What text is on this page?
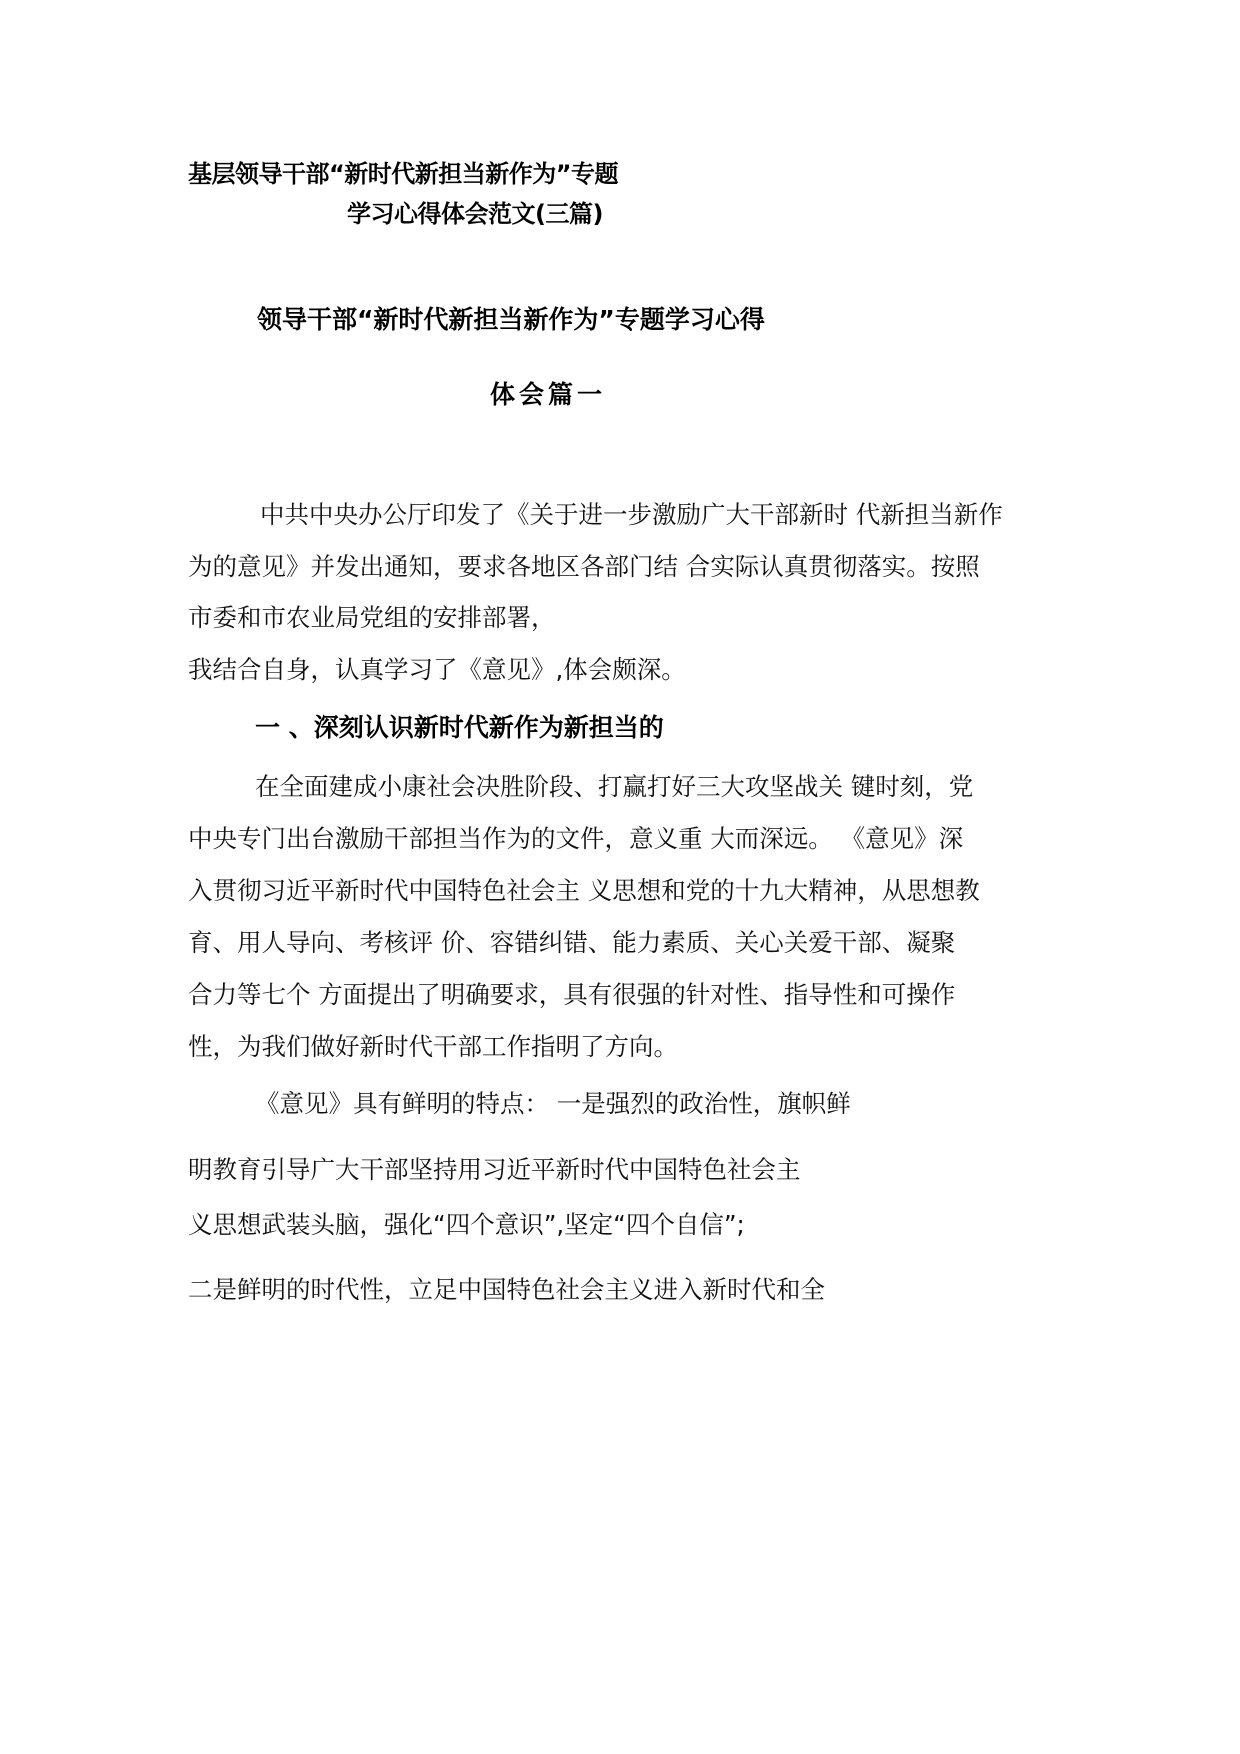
基层领导干部“新时代新担当新作为”专题
学习心得体会范文(三篇)
领导干部“新时代新担当新作为”专题学习心得
体会篇一
中共中央办公厅印发了《关于进一步激励广大干部新时 代新担当新作
为的意见》并发出通知，要求各地区各部门结 合实际认真贯彻落实。按照
市委和市农业局党组的安排部署，
我结合自身，认真学习了《意见》,体会颇深。
一 、深刻认识新时代新作为新担当的
在全面建成小康社会决胜阶段、打赢打好三大攻坚战关 键时刻，党
中央专门出台激励干部担当作为的文件，意义重 大而深远。 《意见》深
入贯彻习近平新时代中国特色社会主 义思想和党的十九大精神，从思想教
育、用人导向、考核评 价、容错纠错、能力素质、关心关爱干部、凝聚
合力等七个 方面提出了明确要求，具有很强的针对性、指导性和可操作
性，为我们做好新时代干部工作指明了方向。
《意见》具有鲜明的特点： 一是强烈的政治性，旗帜鲜
明教育引导广大干部坚持用习近平新时代中国特色社会主
义思想武装头脑，强化“四个意识”,坚定“四个自信”;
二是鲜明的时代性，立足中国特色社会主义进入新时代和全
